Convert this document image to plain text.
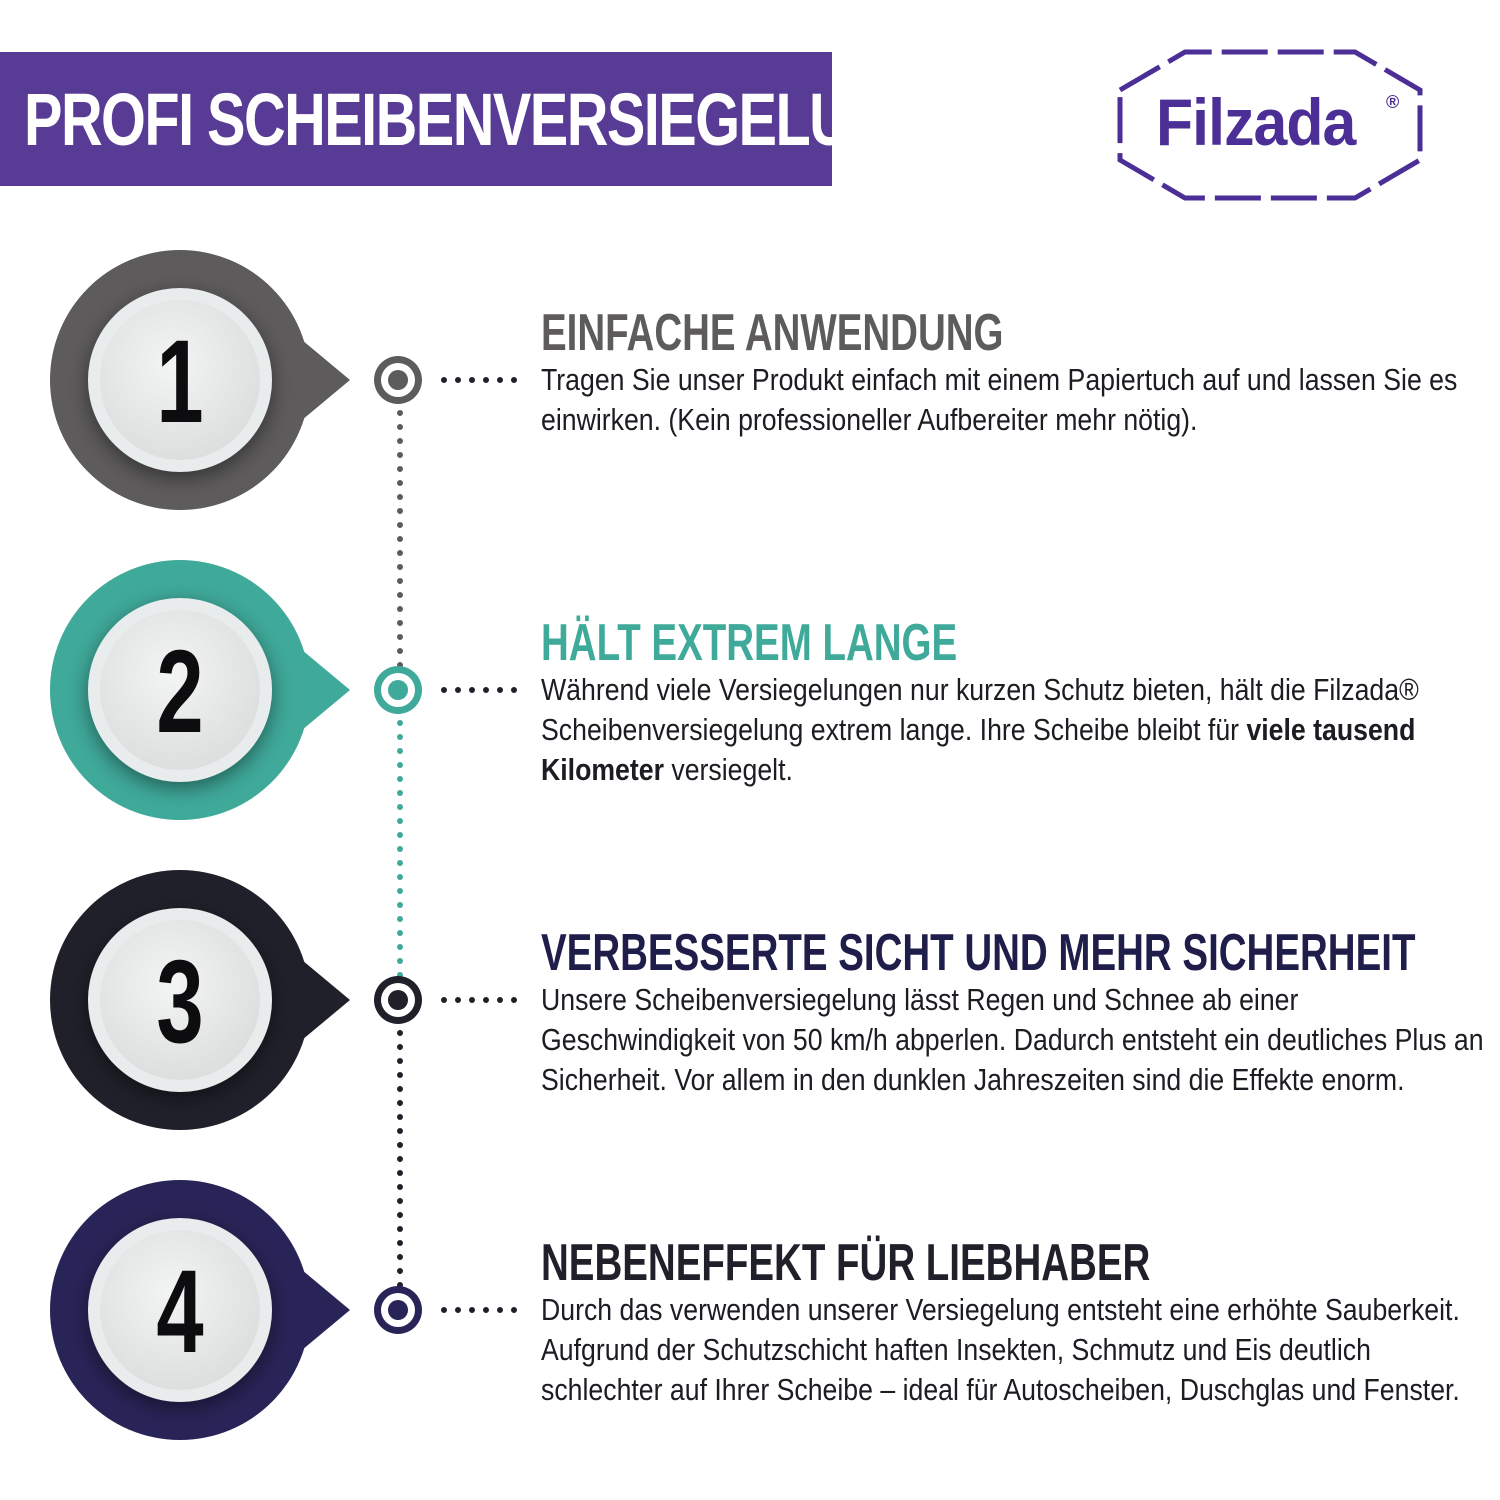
PROFI SCHEIBENVERSIEGELUNG	Filzada ®
1	EINFACHE ANWENDUNG
Tragen Sie unser Produkt einfach mit einem Papiertuch auf und lassen Sie es einwirken. (Kein professioneller Aufbereiter mehr nötig).
2	HÄLT EXTREM LANGE
Während viele Versiegelungen nur kurzen Schutz bieten, hält die Filzada® Scheibenversiegelung extrem lange. Ihre Scheibe bleibt für viele tausend Kilometer versiegelt.
3	VERBESSERTE SICHT UND MEHR SICHERHEIT
Unsere Scheibenversiegelung lässt Regen und Schnee ab einer Geschwindigkeit von 50 km/h abperlen. Dadurch entsteht ein deutliches Plus an Sicherheit. Vor allem in den dunklen Jahreszeiten sind die Effekte enorm.
4	NEBENEFFEKT FÜR LIEBHABER
Durch das verwenden unserer Versiegelung entsteht eine erhöhte Sauberkeit. Aufgrund der Schutzschicht haften Insekten, Schmutz und Eis deutlich schlechter auf Ihrer Scheibe – ideal für Autoscheiben, Duschglas und Fenster.
